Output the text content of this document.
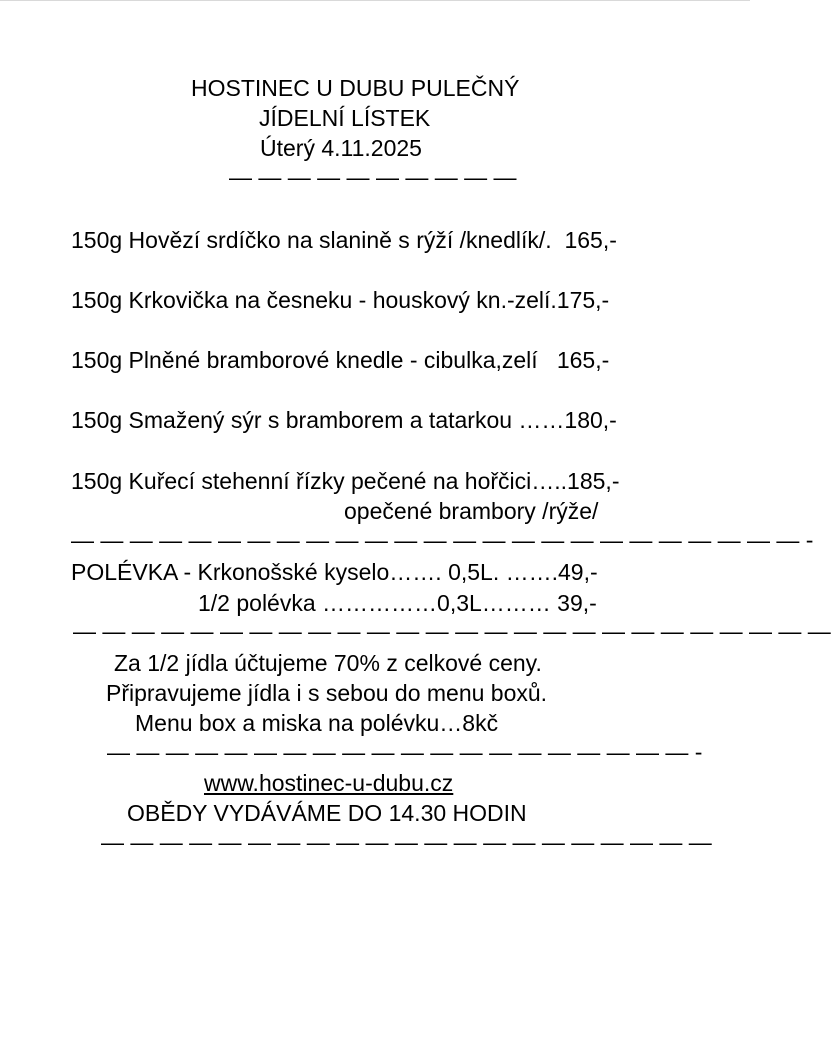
HOSTINEC U DUBU PULEČNÝ
JÍDELNÍ LÍSTEK
Úterý 4.11.2025
— — — — — — — — — —
150g Hovězí srdíčko na slanině s rýží /knedlík/.  165,-
150g Krkovička na česneku - houskový kn.-zelí.175,-
150g Plněné bramborové knedle - cibulka,zelí   165,-
150g Smažený sýr s bramborem a tatarkou ……180,-
150g Kuřecí stehenní řízky pečené na hořčici…..185,-
opečené brambory /rýže/
— — — — — — — — — — — — — — — — — — — — — — — — — -
POLÉVKA - Krkonošské kyselo……. 0,5L. …….49,-
1/2 polévka ……………0,3L……… 39,-
— — — — — — — — — — — — — — — — — — — — — — — — — —
Za 1/2 jídla účtujeme 70% z celkové ceny.
Připravujeme jídla i s sebou do menu boxů.
Menu box a miska na polévku…8kč
— — — — — — — — — — — — — — — — — — — — -
www.hostinec-u-dubu.cz
OBĚDY VYDÁVÁME DO 14.30 HODIN
— — — — — — — — — — — — — — — — — — — — —
